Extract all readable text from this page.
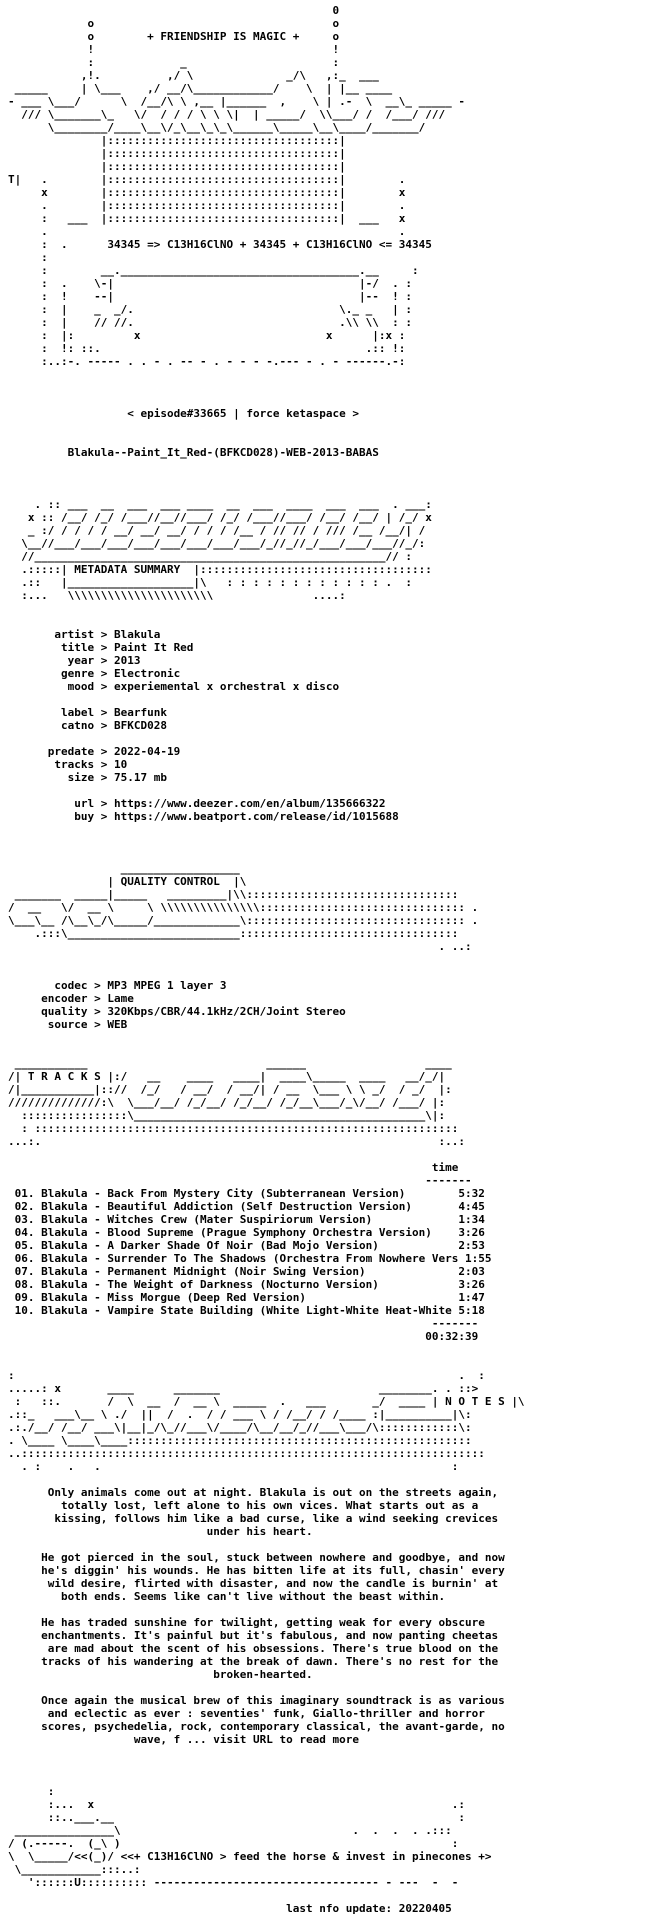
0
o                                    o
o        + FRIENDSHIP IS MAGIC +     o
!                                    !
:             _                      :
,!.          ,/ \              _/\   ,:_  ___
_____     | \___    ,/ __/\____________/    \  | |__ ____
- ___ \___/      \  /__/\ \ ,__ |______  ,    \ | .-  \  __\_ _____ -
/// \_______\_   \/  / / / \ \ \|  | _____/  \\___/ /  /___/ ///
\________/____\__\/_\__\_\_\______\_____\__\____/_______/
|:::::::::::::::::::::::::::::::::::|
|:::::::::::::::::::::::::::::::::::|
|:::::::::::::::::::::::::::::::::::|
T|   .        |:::::::::::::::::::::::::::::::::::|        .
x        |:::::::::::::::::::::::::::::::::::|        x
.        |:::::::::::::::::::::::::::::::::::|        .
:   ___  |:::::::::::::::::::::::::::::::::::|  ___   x
.                                                     .
:  .      34345 => C13H16ClNO + 34345 + C13H16ClNO <= 34345
:
:        __.____________________________________.__     :
:  .    \-|                                     |-/  . :
:  !    --|                                     |--  ! :
:  |    _  _/.                               \._ _   | :
:  |    // //.                               .\\ \\  : :
:  |:         x                            x      |:x :
:  !: ::.                                        .:: !:
:..:-. ----- . . - . -- - . - - - -.--- - . - ------.-:
< episode#33665 | force ketaspace >
Blakula--Paint_It_Red-(BFKCD028)-WEB-2013-BABAS
. :: ___  __  ___  ___ ____  __  ___  ____  ___  ___  . ___:
x :: /__/ /_/ /___//__//___/ /_/ /___//___/ /__/ /__/ | /_/ x
_ :/ / / / / __/ __/ __/ / / / /__ / // // / /// /__ /__/| /
\__//___/___/___/___/___/___/___/___/_//_//_/___/___/___//_/:
//_____________________________________________________// :
.:::::| METADATA SUMMARY  |:::::::::::::::::::::::::::::::::::
.::   |___________________|\   : : : : : : : : : : : : .  :
:...   \\\\\\\\\\\\\\\\\\\\\\               ....:
artist > Blakula
title > Paint It Red
year > 2013
genre > Electronic
mood > experiemental x orchestral x disco
label > Bearfunk
catno > BFKCD028
predate > 2022-04-19
tracks > 10
size > 75.17 mb
url > https://www.deezer.com/en/album/135666322
buy > https://www.beatport.com/release/id/1015688
__________________
| QUALITY CONTROL  |\
_______  _____|_____   _________|\\::::::::::::::::::::::::::::::::
/  __   \/  __ \     \ \\\\\\\\\\\\\\\::::::::::::::::::::::::::::::: .
\___\__ /\__\_/\_____/_____________\::::::::::::::::::::::::::::::::: .
.:::\__________________________:::::::::::::::::::::::::::::::::
. ..:
codec > MP3 MPEG 1 layer 3
encoder > Lame
quality > 320Kbps/CBR/44.1kHz/2CH/Joint Stereo
source > WEB
___________                           ______                  ____
/| T R A C K S |:/   __    ____   ____|  ____\_____  ____   __/_/|
/|___________|:://  /_/   / __/  / __/| / __  \___ \ \ _/  / _/  |:
//////////////:\  \___/__/ /_/__/ /_/__/ /_/__\___/_\/__/ /___/ |:
::::::::::::::::\____________________________________________\|:
: ::::::::::::::::::::::::::::::::::::::::::::::::::::::::::::::::
...:.                                                            :..:
time
-------
01. Blakula - Back From Mystery City (Subterranean Version)        5:32
02. Blakula - Beautiful Addiction (Self Destruction Version)       4:45
03. Blakula - Witches Crew (Mater Suspiriorum Version)             1:34
04. Blakula - Blood Supreme (Prague Symphony Orchestra Version)    3:26
05. Blakula - A Darker Shade Of Noir (Bad Mojo Version)            2:53
06. Blakula - Surrender To The Shadows (Orchestra From Nowhere Vers 1:55
07. Blakula - Permanent Midnight (Noir Swing Version)              2:03
08. Blakula - The Weight of Darkness (Nocturno Version)            3:26
09. Blakula - Miss Morgue (Deep Red Version)                       1:47
10. Blakula - Vampire State Building (White Light-White Heat-White 5:18
-------
00:32:39
:                                                                   .  :
.....: x       ____      _______                        ________. . ::>
:   ::.       /  \  __  /  __ \  _____  .   ___       _/  ____ | N O T E S |\
.::_   ___\__ \ ./  ||  /  .  / / ___ \ / /__/ / /____ :|__________|\:
.:./__/ /__/ ___\|__|_/\_//___\/____/\__/__/_//___\___/\::::::::::::\:
. \____ \____\____::::::::::::::::::::::::::::::::::::::::::::::::::::
..::::::::::::::::::::::::::::::::::::::::::::::::::::::::::::::::::::::
. :    .   .                                                     :
Only animals come out at night. Blakula is out on the streets again,
totally lost, left alone to his own vices. What starts out as a
kissing, follows him like a bad curse, like a wind seeking crevices
under his heart.
He got pierced in the soul, stuck between nowhere and goodbye, and now
he's diggin' his wounds. He has bitten life at its full, chasin' every
wild desire, flirted with disaster, and now the candle is burnin' at
both ends. Seems like can't live without the beast within.
He has traded sunshine for twilight, getting weak for every obscure
enchantments. It's painful but it's fabulous, and now panting cheetas
are mad about the scent of his obsessions. There's true blood on the
tracks of his wandering at the break of dawn. There's no rest for the
broken-hearted.
Once again the musical brew of this imaginary soundtrack is as various
and eclectic as ever : seventies' funk, Giallo-thriller and horror
scores, psychedelia, rock, contemporary classical, the avant-garde, no
wave, f ... visit URL to read more
:
:...  x                                                      .:
::..___.__                                                    :
_______________\                                   .  .  .  . .:::
/ (.-----.  (_\ )                                                  :
\  \_____/<<(_)/ <<+ C13H16ClNO > feed the horse & invest in pinecones +>
\____________:::..:
'::::::U:::::::::: ---------------------------------- - ---  -  -
last nfo update: 20220405
